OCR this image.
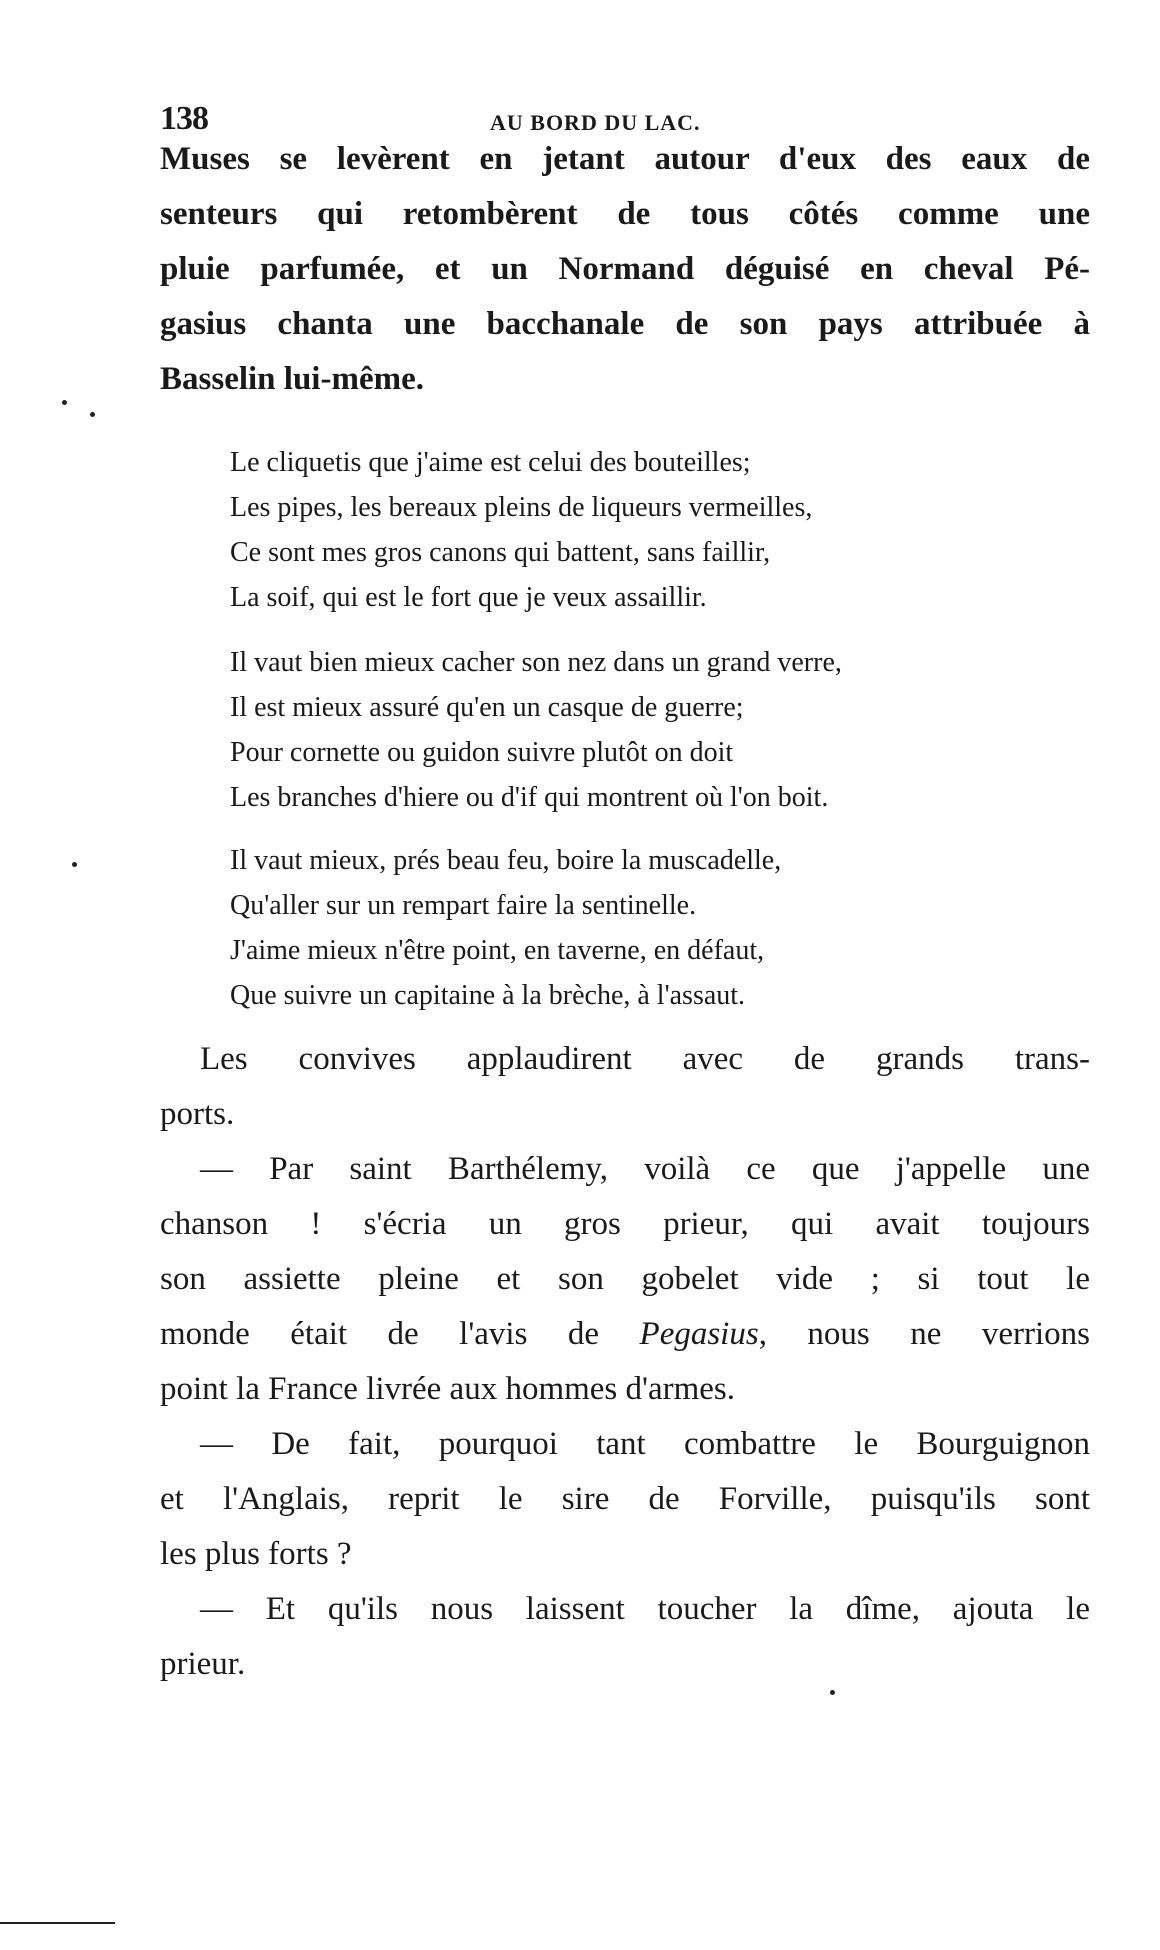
138	AU BORD DU LAC.
Muses se levèrent en jetant autour d'eux des eaux de
senteurs qui retombèrent de tous côtés comme une
pluie parfumée, et un Normand déguisé en cheval Pé-
gasius chanta une bacchanale de son pays attribuée à
Basselin lui-même.
Le cliquetis que j'aime est celui des bouteilles;
Les pipes, les bereaux pleins de liqueurs vermeilles,
Ce sont mes gros canons qui battent, sans faillir,
La soif, qui est le fort que je veux assaillir.
Il vaut bien mieux cacher son nez dans un grand verre,
Il est mieux assuré qu'en un casque de guerre;
Pour cornette ou guidon suivre plutôt on doit
Les branches d'hiere ou d'if qui montrent où l'on boit.
Il vaut mieux, prés beau feu, boire la muscadelle,
Qu'aller sur un rempart faire la sentinelle.
J'aime mieux n'être point, en taverne, en défaut,
Que suivre un capitaine à la brèche, à l'assaut.
Les convives applaudirent avec de grands trans-
ports.
— Par saint Barthélemy, voilà ce que j'appelle une
chanson ! s'écria un gros prieur, qui avait toujours
son assiette pleine et son gobelet vide ; si tout le
monde était de l'avis de Pegasius, nous ne verrions
point la France livrée aux hommes d'armes.
— De fait, pourquoi tant combattre le Bourguignon
et l'Anglais, reprit le sire de Forville, puisqu'ils sont
les plus forts ?
— Et qu'ils nous laissent toucher la dîme, ajouta le
prieur.
